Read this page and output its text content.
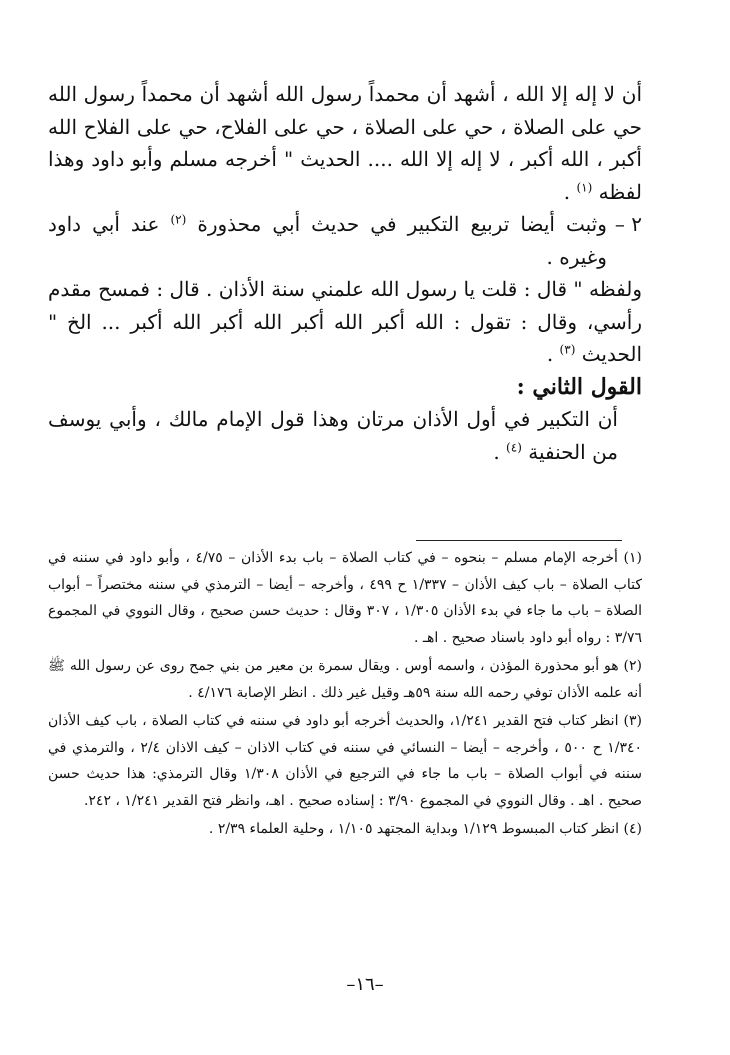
أن لا إله إلا الله ، أشهد أن محمداً رسول الله أشهد أن محمداً رسول الله حي على الصلاة ، حي على الصلاة ، حي على الفلاح، حي على الفلاح الله أكبر ، الله أكبر ، لا إله إلا الله .... الحديث " أخرجه مسلم وأبو داود وهذا لفظه $^{(١)}$ .

٢ –
وثبت أيضا تربيع التكبير في حديث أبي محذورة $^{(٢)}$ عند أبي داود وغيره .

ولفظه " قال : قلت يا رسول الله علمني سنة الأذان . قال : فمسح مقدم رأسي، وقال : تقول : الله أكبر الله أكبر الله أكبر الله أكبر ... الخ " الحديث $^{(٣)}$ .

القول الثاني :

أن التكبير في أول الأذان مرتان وهذا قول الإمام مالك ، وأبي يوسف من الحنفية $^{(٤)}$ .

(١) أخرجه الإمام مسلم – بنحوه – في كتاب الصلاة – باب بدء الأذان – ٤/٧٥ ، وأبو داود في سننه في كتاب الصلاة – باب كيف الأذان – ١/٣٣٧ ح ٤٩٩ ، وأخرجه – أيضا – الترمذي في سننه مختصراً – أبواب الصلاة – باب ما جاء في بدء الأذان ١/٣٠٥ ، ٣٠٧ وقال : حديث حسن صحيح ، وقال النووي في المجموع ٣/٧٦ : رواه أبو داود باسناد صحيح . اهـ .

(٢) هو أبو محذورة المؤذن ، واسمه أوس . ويقال سمرة بن معير من بني جمح روى عن رسول الله ﷺ أنه علمه الأذان توفي رحمه الله سنة ٥٩هـ وقيل غير ذلك . انظر الإصابة ٤/١٧٦ .

(٣) انظر كتاب فتح القدير ١/٢٤١، والحديث أخرجه أبو داود في سننه في كتاب الصلاة ، باب كيف الأذان ١/٣٤٠ ح ٥٠٠ ، وأخرجه – أيضا – النسائي في سننه في كتاب الاذان – كيف الاذان ٢/٤ ، والترمذي في سننه في أبواب الصلاة – باب ما جاء في الترجيع في الأذان ١/٣٠٨ وقال الترمذي: هذا حديث حسن صحيح . اهـ . وقال النووي في المجموع ٣/٩٠ : إسناده صحيح . اهـ، وانظر فتح القدير ١/٢٤١ ، ٢٤٢.

(٤) انظر كتاب المبسوط ١/١٢٩ وبداية المجتهد ١/١٠٥ ، وحلية العلماء ٢/٣٩ .

–١٦–
